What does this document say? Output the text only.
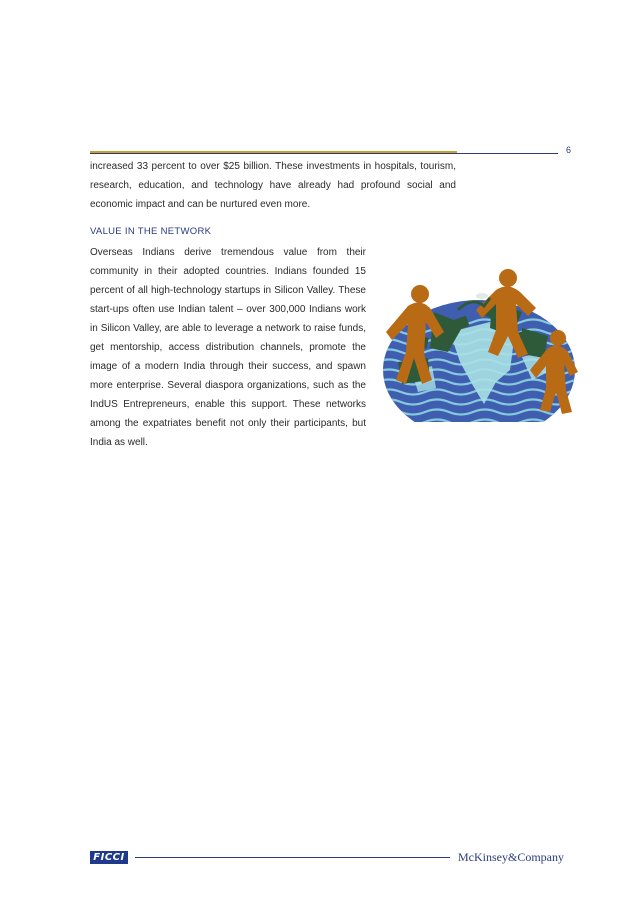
6

increased 33 percent to over $25 billion. These investments in hospitals, tourism, research, education, and technology have already had profound social and economic impact and can be nurtured even more.

VALUE IN THE NETWORK

Overseas Indians derive tremendous value from their community in their adopted countries. Indians founded 15 percent of all high-technology startups in Silicon Valley. These start-ups often use Indian talent – over 300,000 Indians work in Silicon Valley, are able to leverage a network to raise funds, get mentorship, access distribution channels, promote the image of a modern India through their success, and spawn more enterprise. Several diaspora organizations, such as the IndUS Entrepreneurs, enable this support. These networks among the expatriates benefit not only their participants, but India as well.

FICCI	McKinsey&Company
